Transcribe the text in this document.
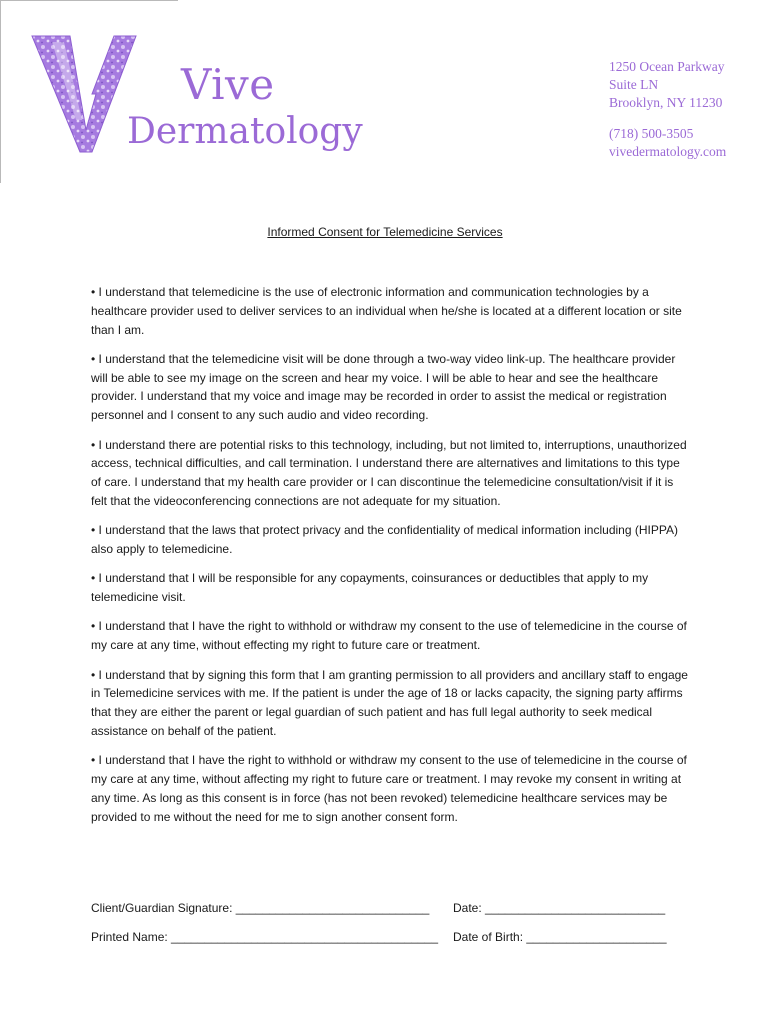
Vive
Dermatology
1250 Ocean Parkway
Suite LN
Brooklyn, NY 11230
(718) 500-3505
vivedermatology.com
Informed Consent for Telemedicine Services

• I understand that telemedicine is the use of electronic information and communication technologies by a healthcare provider used to deliver services to an individual when he/she is located at a different location or site than I am.

• I understand that the telemedicine visit will be done through a two-way video link-up. The healthcare provider will be able to see my image on the screen and hear my voice. I will be able to hear and see the healthcare provider. I understand that my voice and image may be recorded in order to assist the medical or registration personnel and I consent to any such audio and video recording.

• I understand there are potential risks to this technology, including, but not limited to, interruptions, unauthorized access, technical difficulties, and call termination. I understand there are alternatives and limitations to this type of care. I understand that my health care provider or I can discontinue the telemedicine consultation/visit if it is felt that the videoconferencing connections are not adequate for my situation.

• I understand that the laws that protect privacy and the confidentiality of medical information including (HIPPA) also apply to telemedicine.

• I understand that I will be responsible for any copayments, coinsurances or deductibles that apply to my telemedicine visit.

• I understand that I have the right to withhold or withdraw my consent to the use of telemedicine in the course of my care at any time, without effecting my right to future care or treatment.

• I understand that by signing this form that I am granting permission to all providers and ancillary staff to engage in Telemedicine services with me. If the patient is under the age of 18 or lacks capacity, the signing party affirms that they are either the parent or legal guardian of such patient and has full legal authority to seek medical assistance on behalf of the patient.

• I understand that I have the right to withhold or withdraw my consent to the use of telemedicine in the course of my care at any time, without affecting my right to future care or treatment. I may revoke my consent in writing at any time. As long as this consent is in force (has not been revoked) telemedicine healthcare services may be provided to me without the need for me to sign another consent form.

Client/Guardian Signature: _____________________________ Date: ___________________________
Printed Name: ________________________________________ Date of Birth: _____________________
